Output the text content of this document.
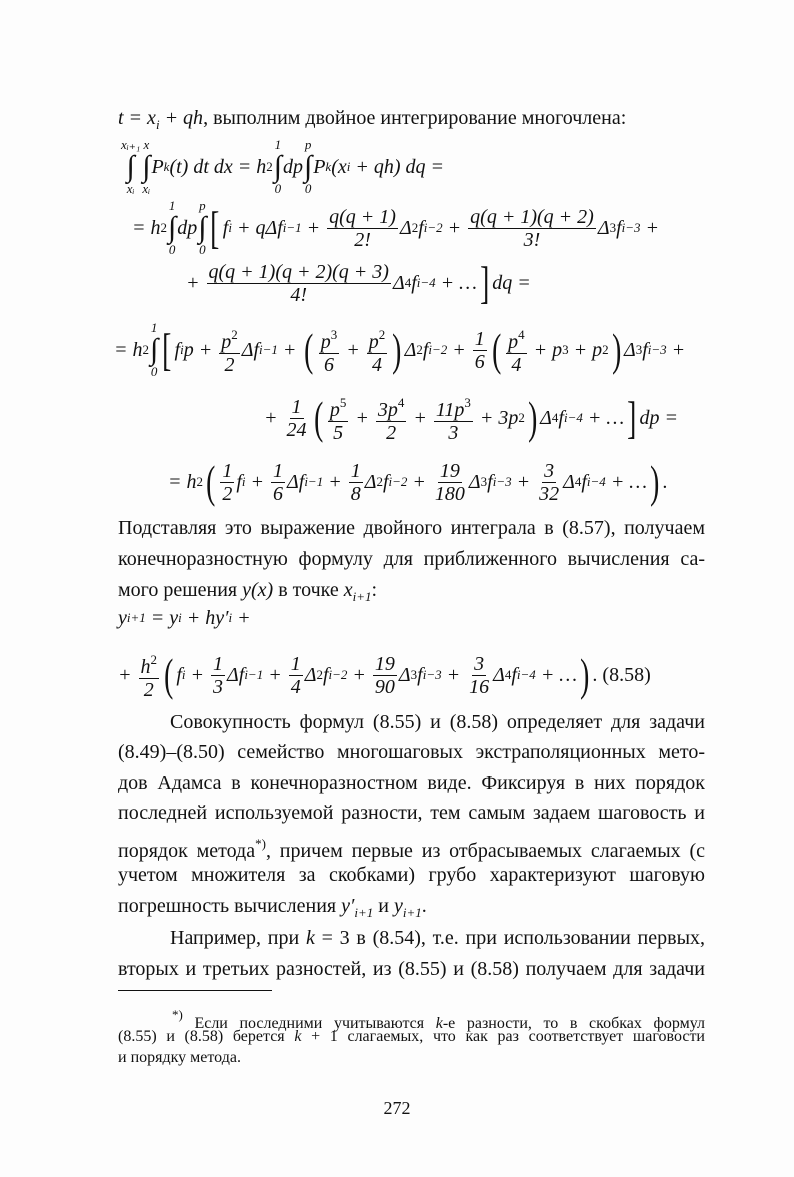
$t = x_i$ + qh, выполним двойное интегрирование многочлена:
xᵢ₊₁
∫
xᵢ
x
∫
xᵢ
P k (t) dt dx = h 2
1
∫
0
dp
p
∫
0
P k (x i + qh) dq =
= h 2
1
∫
0
dp
p
∫
0 [ f i + qΔf $i-1 + \frac{q(q + 1)}{2!}$ Δ 2 f $i-2 + \frac{q(q + 1)(q + 2)}{3!}$ Δ 3 f i−3 +
+ $\frac{q(q + 1)(q + 2)(q + 3)}{4!}$ Δ 4 f i−4 + … ] dq =
= h 2
1
∫
0 [ f i $p + \frac{p^2}{2}$ Δf i−1 + ( $\frac{p^3}{6} + \frac{p^2}{4}$ ) Δ 2 f $i-2 + \frac{1}{6}$ ( $\frac{p^4}{4} + p$ 3 + p 2 ) Δ 3 f i−3 +
+ $\frac{1}{24}$ ( $\frac{p^5}{5} + \frac{3p^4}{2} + \frac{11p^3}{3} + 3p$ 2 ) Δ 4 f i−4 + … ] dp =
= h 2 ( $\frac{1}{2}$ f $i + \frac{1}{6}$ Δf $i-1 + \frac{1}{8}$ Δ 2 f $i-2 + \frac{19}{180}$ Δ 3 f $i-3 + \frac{3}{32}$ Δ 4 f i−4 + … ) .
Подставляя это выражение двойного интеграла в (8.57), получаем
конечноразностную формулу для приближенного вычисления са-
мого решения y(x) в точке $x_{i+1}$:
y i+1 = y i + hy′ i +
+ $\frac{h^2}{2}$ ( f $i + \frac{1}{3}$ Δf $i-1 + \frac{1}{4}$ Δ 2 f $i-2 + \frac{19}{90}$ Δ 3 f $i-3 + \frac{3}{16}$ Δ 4 f i−4 + … ) . (8.58)
Совокупность формул (8.55) и (8.58) определяет для задачи
(8.49)–(8.50) семейство многошаговых экстраполяционных мето-
дов Адамса в конечноразностном виде. Фиксируя в них порядок
последней используемой разности, тем самым задаем шаговость и
порядок метода*), причем первые из отбрасываемых слагаемых (с
учетом множителя за скобками) грубо характеризуют шаговую
погрешность вычисления $y'_{i+1}$ и $y_{i+1}$.
Например, при k = 3 в (8.54), т.е. при использовании первых,
вторых и третьих разностей, из (8.55) и (8.58) получаем для задачи
*) Если последними учитываются k-е разности, то в скобках формул
(8.55) и (8.58) берется k + 1 слагаемых, что как раз соответствует шаговости
и порядку метода.
272
